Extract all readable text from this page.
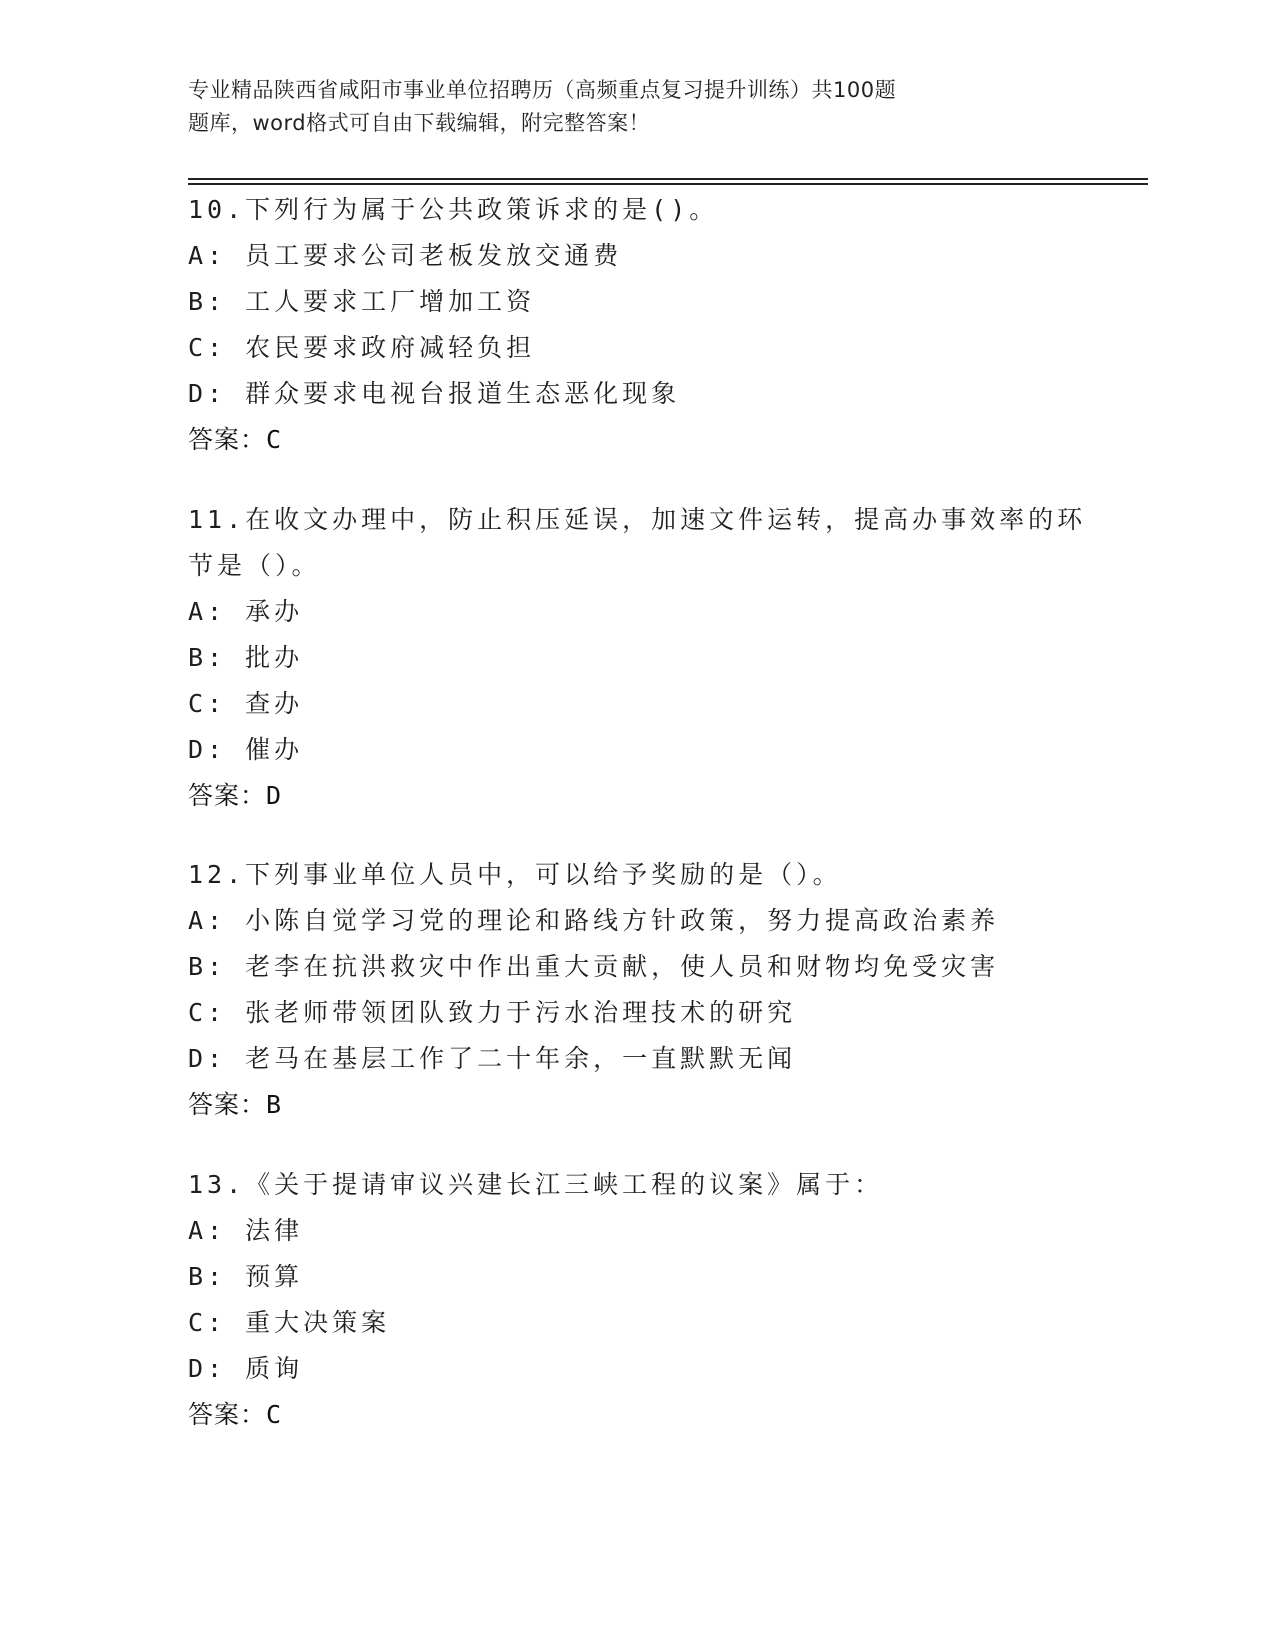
专业精品陕西省咸阳市事业单位招聘历（高频重点复习提升训练）共100题
题库，word格式可自由下载编辑，附完整答案！
10.下列行为属于公共政策诉求的是()。
A: 员工要求公司老板发放交通费
B: 工人要求工厂增加工资
C: 农民要求政府减轻负担
D: 群众要求电视台报道生态恶化现象
答案：C
11.在收文办理中，防止积压延误，加速文件运转，提高办事效率的环
节是（）。
A: 承办
B: 批办
C: 查办
D: 催办
答案：D
12.下列事业单位人员中，可以给予奖励的是（）。
A: 小陈自觉学习党的理论和路线方针政策，努力提高政治素养
B: 老李在抗洪救灾中作出重大贡献，使人员和财物均免受灾害
C: 张老师带领团队致力于污水治理技术的研究
D: 老马在基层工作了二十年余，一直默默无闻
答案：B
13.《关于提请审议兴建长江三峡工程的议案》属于：
A: 法律
B: 预算
C: 重大决策案
D: 质询
答案：C
